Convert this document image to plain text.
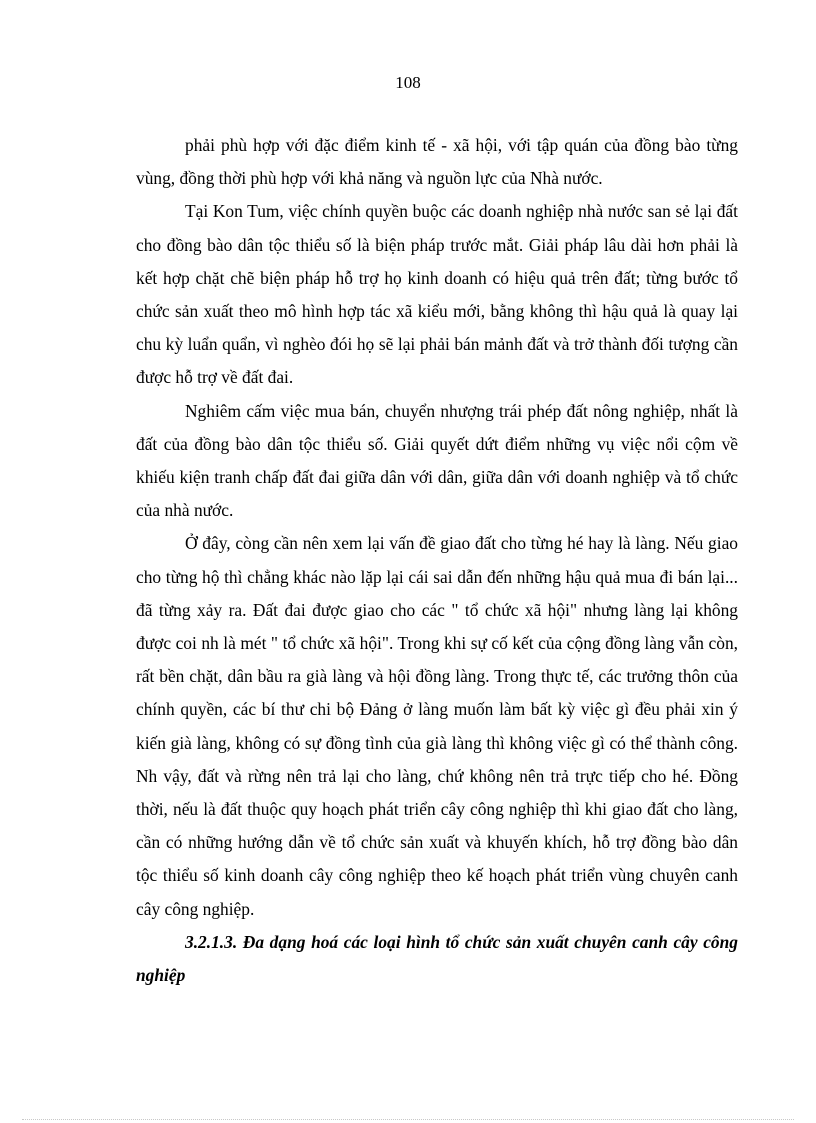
108

phải phù hợp với đặc điểm kinh tế - xã hội, với tập quán của đồng bào từng vùng, đồng thời phù hợp với khả năng và nguồn lực của Nhà nước.

Tại Kon Tum, việc chính quyền buộc các doanh nghiệp nhà nước san sẻ lại đất cho đồng bào dân tộc thiểu số là biện pháp trước mắt. Giải pháp lâu dài hơn phải là kết hợp chặt chẽ biện pháp hỗ trợ họ kinh doanh có hiệu quả trên đất; từng bước tổ chức sản xuất theo mô hình hợp tác xã kiểu mới, bằng không thì hậu quả là quay lại chu kỳ luẩn quẩn, vì nghèo đói họ sẽ lại phải bán mảnh đất và trở thành đối tượng cần được hỗ trợ về đất đai.

Nghiêm cấm việc mua bán, chuyển nhượng trái phép đất nông nghiệp, nhất là đất của đồng bào dân tộc thiểu số. Giải quyết dứt điểm những vụ việc nổi cộm về khiếu kiện tranh chấp đất đai giữa dân với dân, giữa dân với doanh nghiệp và tổ chức của nhà nước.

Ở đây, còng cần nên xem lại vấn đề giao đất cho từng hé hay là làng. Nếu giao cho từng hộ thì chẳng khác nào lặp lại cái sai dẫn đến những hậu quả mua đi bán lại... đã từng xảy ra. Đất đai được giao cho các " tổ chức xã hội" nhưng làng lại không được coi nh là mét " tổ chức xã hội". Trong khi sự cố kết của cộng đồng làng vẫn còn, rất bền chặt, dân bầu ra già làng và hội đồng làng. Trong thực tế, các trưởng thôn của chính quyền, các bí thư chi bộ Đảng ở làng muốn làm bất kỳ việc gì đều phải xin ý kiến già làng, không có sự đồng tình của già làng thì không việc gì có thể thành công. Nh vậy, đất và rừng nên trả lại cho làng, chứ không nên trả trực tiếp cho hé. Đồng thời, nếu là đất thuộc quy hoạch phát triển cây công nghiệp thì khi giao đất cho làng, cần có những hướng dẫn về tổ chức sản xuất và khuyến khích, hỗ trợ đồng bào dân tộc thiểu số kinh doanh cây công nghiệp theo kế hoạch phát triển vùng chuyên canh cây công nghiệp.

3.2.1.3. Đa dạng hoá các loại hình tổ chức sản xuất chuyên canh cây công nghiệp
